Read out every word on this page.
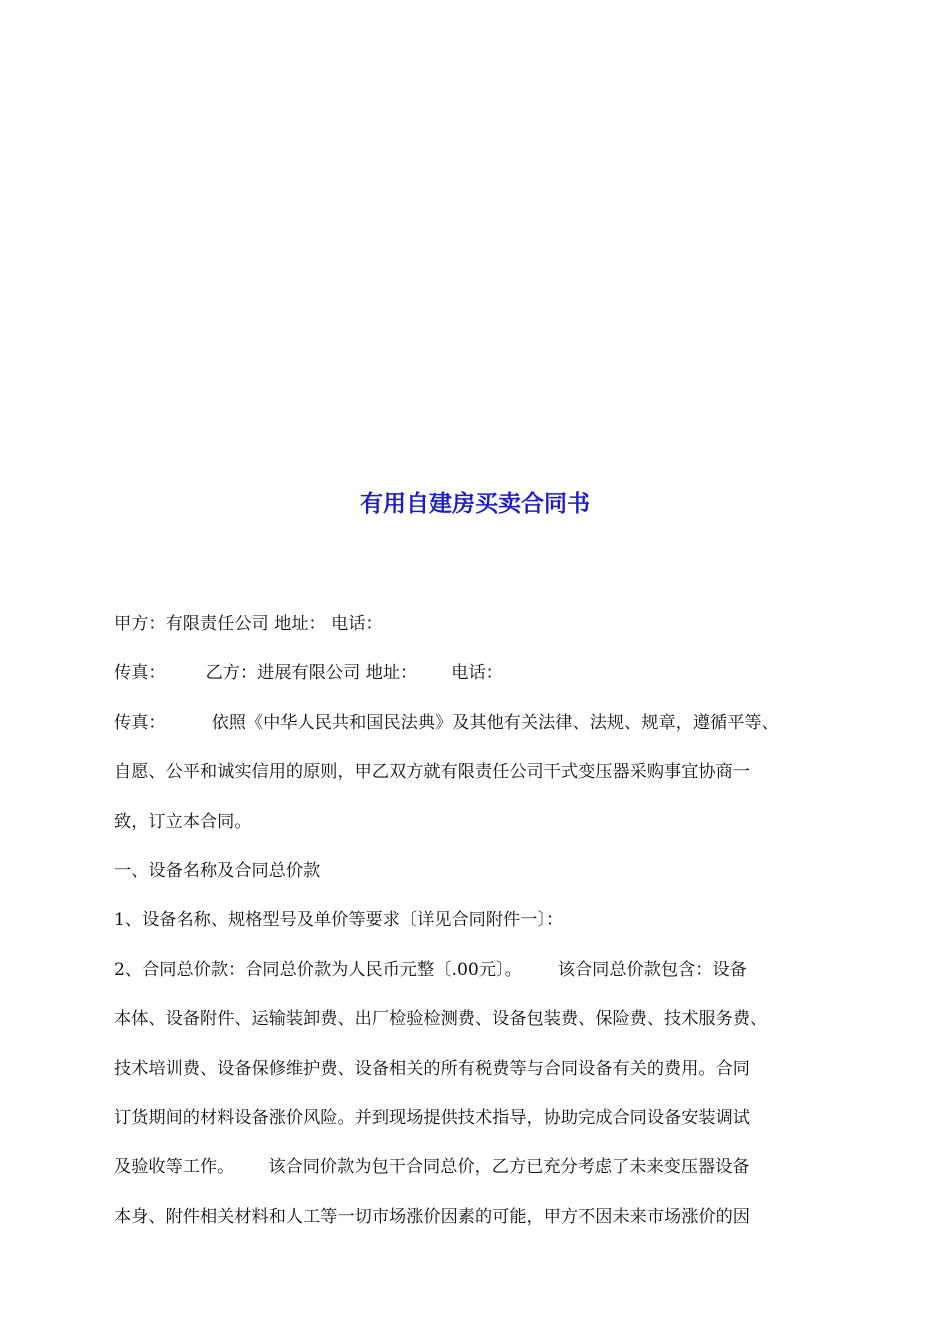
有用自建房买卖合同书
甲方：有限责任公司 地址： 电话：
传真： 乙方：进展有限公司 地址： 电话：
传真：	依照《中华人民共和国民法典》及其他有关法律、法规、规章，遵循平等、
自愿、公平和诚实信用的原则，甲乙双方就有限责任公司干式变压器采购事宜协商一
致，订立本合同。
一、设备名称及合同总价款
1、设备名称、规格型号及单价等要求〔详见合同附件一〕：
2、合同总价款：合同总价款为人民币元整〔.00元〕。 该合同总价款包含：设备
本体、设备附件、运输装卸费、出厂检验检测费、设备包装费、保险费、技术服务费、
技术培训费、设备保修维护费、设备相关的所有税费等与合同设备有关的费用。合同
订货期间的材料设备涨价风险。并到现场提供技术指导，协助完成合同设备安装调试
及验收等工作。 该合同价款为包干合同总价，乙方已充分考虑了未来变压器设备
本身、附件相关材料和人工等一切市场涨价因素的可能，甲方不因未来市场涨价的因
